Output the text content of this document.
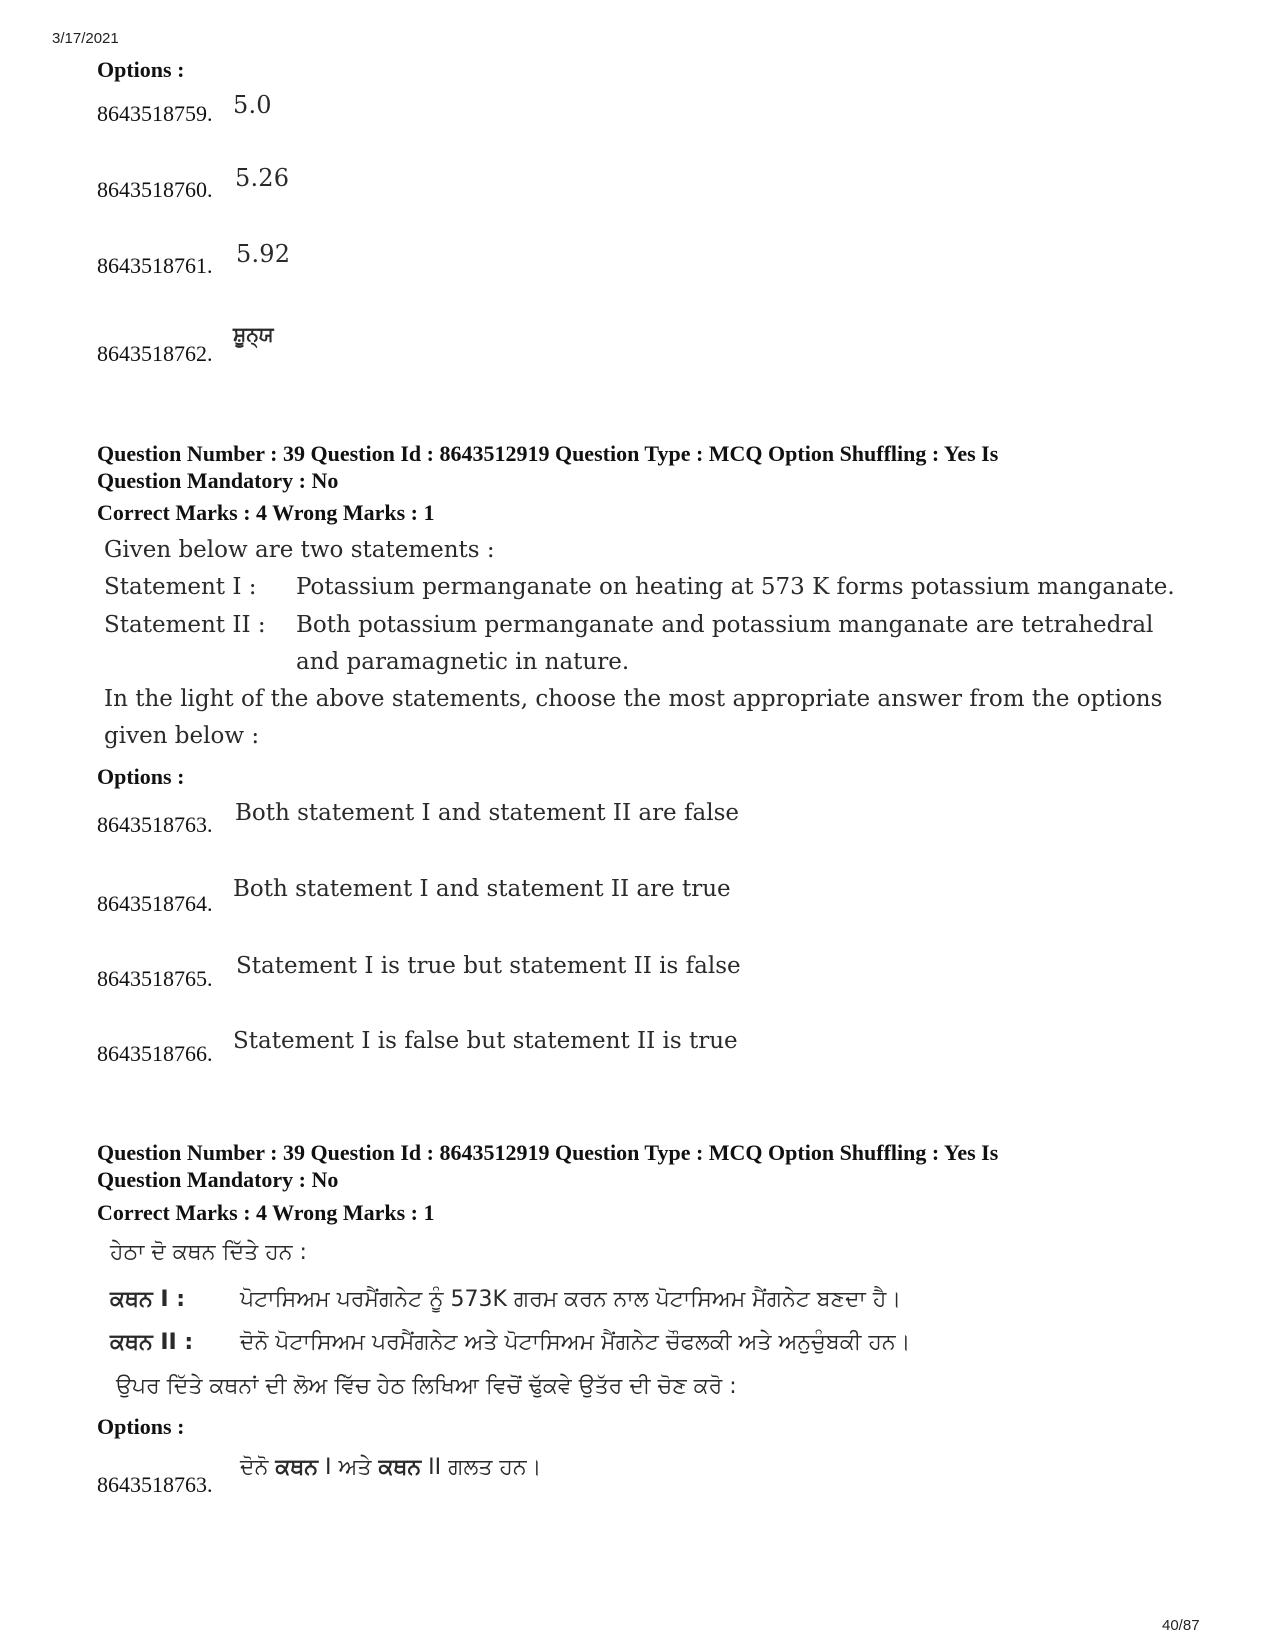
3/17/2021
Options :
8643518759. 5.0
8643518760. 5.26
8643518761. 5.92
8643518762.
ਸ਼ੂਨ੍ਯ
Question Number : 39 Question Id : 8643512919 Question Type : MCQ Option Shuffling : Yes Is
Question Mandatory : No
Correct Marks : 4 Wrong Marks : 1
Given below are two statements :
Statement I : Potassium permanganate on heating at 573 K forms potassium manganate.
Statement II : Both potassium permanganate and potassium manganate are tetrahedral
and paramagnetic in nature.
In the light of the above statements, choose the most appropriate answer from the options
given below :
Options :
8643518763. Both statement I and statement II are false
8643518764.
Both statement I and statement II are true
8643518765. Statement I is true but statement II is false
8643518766. Statement I is false but statement II is true
Question Number : 39 Question Id : 8643512919 Question Type : MCQ Option Shuffling : Yes Is
Question Mandatory : No
Correct Marks : 4 Wrong Marks : 1
ਹੇਠਾ ਦੋ ਕਥਨ ਦਿੱਤੇ ਹਨ :
ਕਥਨ I : ਪੋਟਾਸਿਅਮ ਪਰਮੈਂਗਨੇਟ ਨੂੰ 573K ਗਰਮ ਕਰਨ ਨਾਲ ਪੋਟਾਸਿਅਮ ਮੈਂਗਨੇਟ ਬਣਦਾ ਹੈ।
ਕਥਨ II : ਦੋਨੋ ਪੋਟਾਸਿਅਮ ਪਰਮੈਂਗਨੇਟ ਅਤੇ ਪੋਟਾਸਿਅਮ ਮੈਂਗਨੇਟ ਚੌਫਲਕੀ ਅਤੇ ਅਨੁਚੁੰਬਕੀ ਹਨ।
ਉਪਰ ਦਿੱਤੇ ਕਥਨਾਂ ਦੀ ਲੋਅ ਵਿੱਚ ਹੇਠ ਲਿਖਿਆ ਵਿਚੋਂ ਢੁੱਕਵੇ ਉਤੱਰ ਦੀ ਚੋਣ ਕਰੋ :
Options :
8643518763.
ਦੋਨੋ ਕਥਨ I ਅਤੇ ਕਥਨ II ਗਲਤ ਹਨ।
40/87
